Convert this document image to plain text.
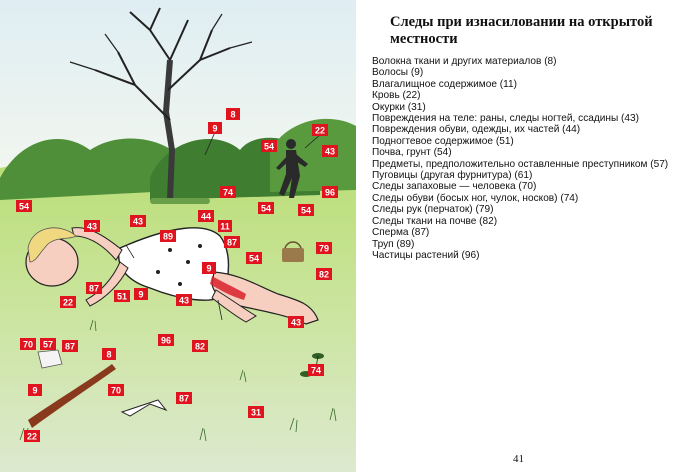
8
9	22
43
54
96
74
54	54
54
43	43	44
11
89
87
9
54
79
82
87
22
51 9
43
43
70 57 87
96
82
8
9	70
87
31
22
74
Следы при изнасиловании на открытой местности
Волокна ткани и других материалов (8)
Волосы (9)
Влагалищное содержимое (11)
Кровь (22)
Окурки (31)
Повреждения на теле: раны, следы ногтей, ссадины (43)
Повреждения обуви, одежды, их частей (44)
Подногтевое содержимое (51)
Почва, грунт (54)
Предметы, предположительно оставленные преступником (57)
Пуговицы (другая фурнитура) (61)
Следы запаховые — человека (70)
Следы обуви (босых ног, чулок, носков) (74)
Следы рук (перчаток) (79)
Следы ткани на почве (82)
Сперма (87)
Труп (89)
Частицы растений (96)
41
